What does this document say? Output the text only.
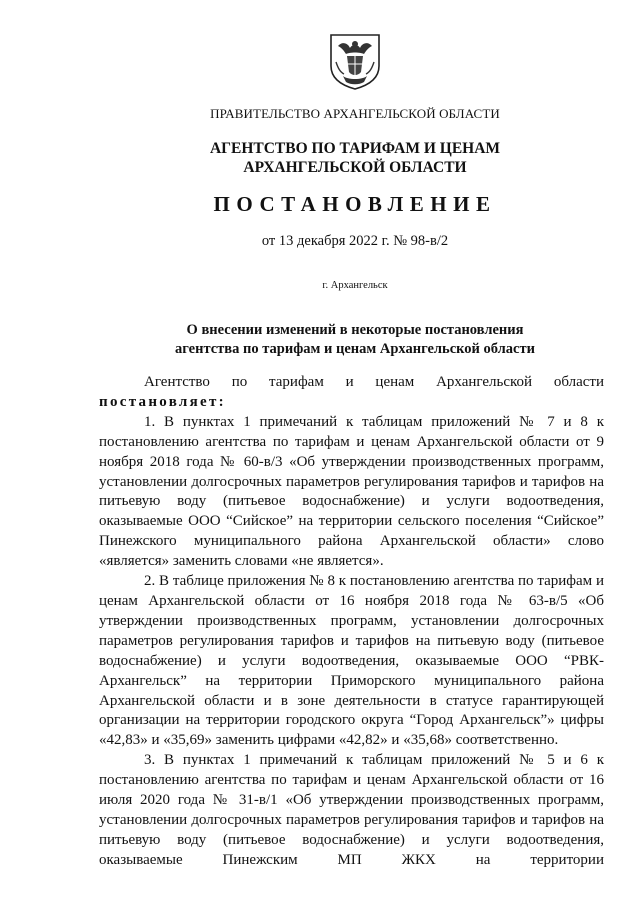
ПРАВИТЕЛЬСТВО АРХАНГЕЛЬСКОЙ ОБЛАСТИ
АГЕНТСТВО ПО ТАРИФАМ И ЦЕНАМ
АРХАНГЕЛЬСКОЙ ОБЛАСТИ
ПОСТАНОВЛЕНИЕ
от 13 декабря 2022 г. № 98-в/2
г. Архангельск
О внесении изменений в некоторые постановления
агентства по тарифам и ценам Архангельской области

Агентство по тарифам и ценам Архангельской области

постановляет:

1. В пунктах 1 примечаний к таблицам приложений № 7 и 8 к постановлению агентства по тарифам и ценам Архангельской области от 9 ноября 2018 года № 60-в/3 «Об утверждении производственных программ, установлении долгосрочных параметров регулирования тарифов и тарифов на питьевую воду (питьевое водоснабжение) и услуги водоотведения, оказываемые ООО “Сийское” на территории сельского поселения “Сийское” Пинежского муниципального района Архангельской области» слово «является» заменить словами «не является».

2. В таблице приложения № 8 к постановлению агентства по тарифам и ценам Архангельской области от 16 ноября 2018 года № 63-в/5 «Об утверждении производственных программ, установлении долгосрочных параметров регулирования тарифов и тарифов на питьевую воду (питьевое водоснабжение) и услуги водоотведения, оказываемые ООО “РВК-Архангельск” на территории Приморского муниципального района Архангельской области и в зоне деятельности в статусе гарантирующей организации на территории городского округа “Город Архангельск”» цифры «42,83» и «35,69» заменить цифрами «42,82» и «35,68» соответственно.

3. В пунктах 1 примечаний к таблицам приложений № 5 и 6 к постановлению агентства по тарифам и ценам Архангельской области от 16 июля 2020 года № 31-в/1 «Об утверждении производственных программ, установлении долгосрочных параметров регулирования тарифов и тарифов на питьевую воду (питьевое водоснабжение) и услуги водоотведения, оказываемые Пинежским МП ЖКХ на территории
